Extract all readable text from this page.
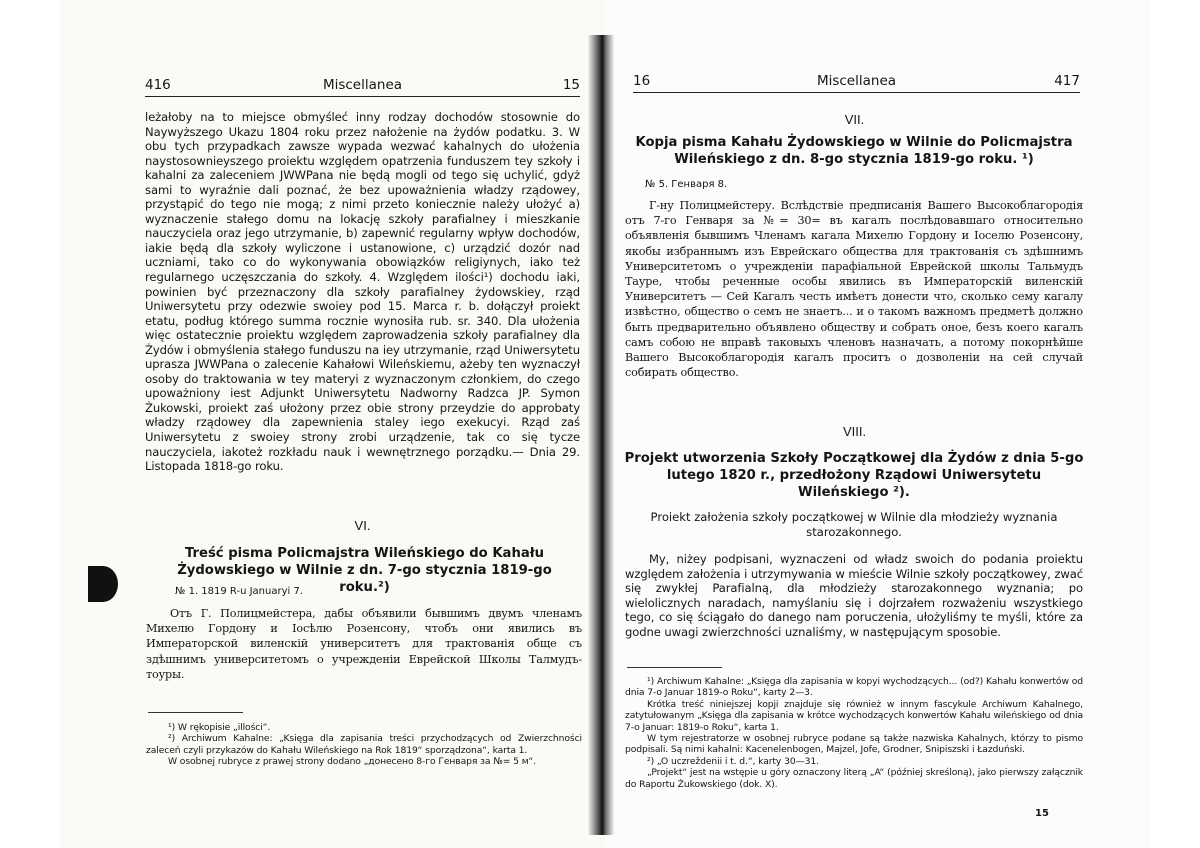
416	Miscellanea	15

leżałoby na to miejsce obmyśleć inny rodzay dochodów stosownie do Naywyższego Ukazu 1804 roku przez nałożenie na żydów podatku. 3. W obu tych przypadkach zawsze wypada wezwać kahalnych do ułożenia naystosownieyszego proiektu względem opatrzenia funduszem tey szkoły i kahalni za zaleceniem JWWPana nie będą mogli od tego się uchylić, gdyż sami to wyraźnie dali poznać, że bez upoważnienia władzy rządowey, przystąpić do tego nie mogą; z nimi przeto koniecznie należy ułożyć a) wyznaczenie stałego domu na lokację szkoły parafialney i mieszkanie nauczyciela oraz jego utrzymanie, b) zapewnić regularny wpływ dochodów, iakie będą dla szkoły wyliczone i ustanowione, c) urządzić dozór nad uczniami, tako co do wykonywania obowiązków religiynych, iako też regularnego uczęszczania do szkoły. 4. Względem ilości¹) dochodu iaki, powinien być przeznaczony dla szkoły parafialney żydowskiey, rząd Uniwersytetu przy odezwie swoiey pod 15. Marca r. b. dołączył proiekt etatu, podług którego summa rocznie wynosiła rub. sr. 340. Dla ułożenia więc ostatecznie proiektu względem zaprowadzenia szkoły parafialney dla Żydów i obmyślenia stałego funduszu na iey utrzymanie, rząd Uniwersytetu uprasza JWWPana o zalecenie Kahałowi Wileńskiemu, ażeby ten wyznaczył osoby do traktowania w tey materyi z wyznaczonym członkiem, do czego upoważniony iest Adjunkt Uniwersytetu Nadworny Radzca JP. Symon Żukowski, proiekt zaś ułożony przez obie strony przeydzie do approbaty władzy rządowey dla zapewnienia staley iego exekucyi. Rząd zaś Uniwersytetu z swoiey strony zrobi urządzenie, tak co się tycze nauczyciela, iakoteż rozkładu nauk i wewnętrznego porządku.— Dnia 29. Listopada 1818-go roku.

VI.
Treść pisma Policmajstra Wileńskiego do Kahału Żydowskiego w Wilnie z dn. 7-go stycznia 1819-go roku.²)
№ 1. 1819 R-u Januaryi 7.
Отъ Г. Полицмейстера, дабы объявили бывшимъ двумъ членамъ Михелю Гордону и Іосѣлю Розенсону, чтобъ они явились въ Императорской виленскій университетъ для трактованія обще съ здѣшнимъ университетомъ о учрежденіи Еврейской Школы Талмудъ-тоуры.

¹) W rękopisie „illości“.

²) Archiwum Kahalne: „Księga dla zapisania treści przychodzących od Zwierzchności zaleceń czyli przykazów do Kahału Wileńskiego na Rok 1819“ sporządzona“, karta 1.

W osobnej rubryce z prawej strony dodano „донесено 8-го Генваря за №= 5 м“.

16	Miscellanea	417
VII.
Kopja pisma Kahału Żydowskiego w Wilnie do Policmajstra Wileńskiego z dn. 8-go stycznia 1819-go roku. ¹)
№ 5. Генваря 8.
Г-ну Полицмейстеру. Вслѣдствіе предписанія Вашего Высокоблагородія отъ 7-го Генваря за №= 30= въ кагалъ послѣдовавшаго относительно объявленія бывшимъ Членамъ кагала Михелю Гордону и Іоселю Розенсону, якобы избраннымъ изъ Еврейскаго общества для трактованія съ здѣшнимъ Университетомъ о учрежденіи парафіальной Еврейской школы Тальмудъ Тауре, чтобы реченные особы явились въ Императорскій виленскій Университетъ — Сей Кагалъ честь имѣетъ донести что, сколько сему кагалу извѣстно, общество о семъ не знаетъ... и о такомъ важномъ предметѣ должно быть предварительно объявлено обществу и собрать оное, безъ коего кагалъ самъ собою не вправѣ таковыхъ членовъ назначать, а потому покорнѣйше Вашего Высокоблагородія кагалъ проситъ о дозволеніи на сей случай собирать общество.
VIII.
Projekt utworzenia Szkoły Początkowej dla Żydów z dnia 5-go lutego 1820 r., przedłożony Rządowi Uniwersytetu Wileńskiego ²).
Proiekt założenia szkoły początkowej w Wilnie dla młodzieży wyznania starozakonnego.

My, niżey podpisani, wyznaczeni od władz swoich do podania proiektu względem założenia i utrzymywania w mieście Wilnie szkoły początkowey, zwać się zwykłej Parafialną, dla młodzieży starozakonnego wyznania; po wielolicznych naradach, namyślaniu się i dojrzałem rozważeniu wszystkiego tego, co się ściągało do danego nam poruczenia, ułożyliśmy te myśli, które za godne uwagi zwierzchności uznaliśmy, w następującym sposobie.

¹) Archiwum Kahalne: „Księga dla zapisania w kopyi wychodzących... (od?) Kahału konwertów od dnia 7-o Januar 1819-o Roku“, karty 2—3.

Krótka treść niniejszej kopji znajduje się również w innym fascykule Archiwum Kahalnego, zatytułowanym „Księga dla zapisania w krótce wychodzących konwertów Kahału wileńskiego od dnia 7-o Januar: 1819-o Roku“, karta 1.

W tym rejestratorze w osobnej rubryce podane są także nazwiska Kahalnych, którzy to pismo podpisali. Są nimi kahalni: Kacenelenbogen, Majzel, Jofe, Grodner, Snipiszski i Łazduński.

²) „O uczreždenii i t. d.“, karty 30—31.

„Projekt“ jest na wstępie u góry oznaczony literą „A“ (później skreśloną), jako pierwszy załącznik do Raportu Żukowskiego (dok. X).

15
